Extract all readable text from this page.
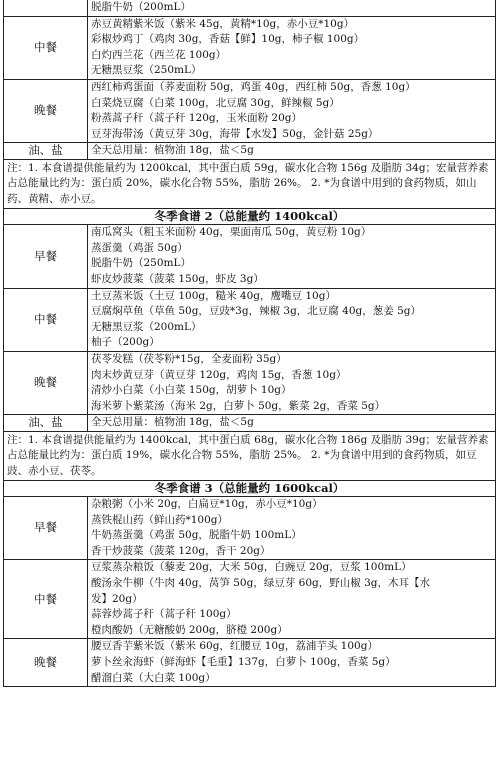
	脱脂牛奶（200mL）

中餐	赤豆黄精紫米饭（紫米 45g，黄精*10g，赤小豆*10g）
彩椒炒鸡丁（鸡肉 30g，香菇【鲜】10g，柿子椒 100g）
白灼西兰花（西兰花 100g）
无糖黑豆浆（250mL）

晚餐	西红柿鸡蛋面（荞麦面粉 50g，鸡蛋 40g，西红柿 50g，香葱 10g）
白菜烧豆腐（白菜 100g，北豆腐 30g，鲜辣椒 5g）
粉蒸蒿子秆（蒿子秆 120g，玉米面粉 20g）
豆芽海带汤（黄豆芽 30g，海带【水发】50g，金针菇 25g）

油、盐	全天总用量：植物油 18g，盐＜5g
注：1. 本食谱提供能量约为 1200kcal，其中蛋白质 59g，碳水化合物 156g 及脂肪 34g；宏量营养素占总能量比约为：蛋白质 20%，碳水化合物 55%，脂肪 26%。 2. *为食谱中用到的食药物质，如山药、黄精、赤小豆。	
冬季食谱 2（总能量约 1400kcal）	
早餐	南瓜窝头（粗玉米面粉 40g，栗面南瓜 50g，黄豆粉 10g）
蒸蛋羹（鸡蛋 50g）
脱脂牛奶（250mL）
虾皮炒菠菜（菠菜 150g，虾皮 3g）

中餐	土豆蒸米饭（土豆 100g，糙米 40g，鹰嘴豆 10g）
豆腐焖草鱼（草鱼 50g，豆豉*3g，辣椒 3g，北豆腐 40g，葱姜 5g）
无糖黑豆浆（200mL）
柚子（200g）

晚餐	茯苓发糕（茯苓粉*15g，全麦面粉 35g）
肉末炒黄豆芽（黄豆芽 120g，鸡肉 15g，香葱 10g）
清炒小白菜（小白菜 150g，胡萝卜 10g）
海米萝卜紫菜汤（海米 2g，白萝卜 50g，紫菜 2g，香菜 5g）

油、盐	全天总用量：植物油 18g，盐＜5g
注：1. 本食谱提供能量约为 1400kcal，其中蛋白质 68g，碳水化合物 186g 及脂肪 39g；宏量营养素占总能量比约为：蛋白质 19%，碳水化合物 55%，脂肪 25%。 2. *为食谱中用到的食药物质，如豆豉、赤小豆、茯苓。	
冬季食谱 3（总能量约 1600kcal）	
早餐	杂粮粥（小米 20g，白扁豆*10g，赤小豆*10g）
蒸铁棍山药（鲜山药*100g）
牛奶蒸蛋羹（鸡蛋 50g，脱脂牛奶 100mL）
香干炒菠菜（菠菜 120g，香干 20g）

中餐	豆浆蒸杂粮饭（藜麦 20g，大米 50g，白豌豆 20g，豆浆 100mL）
酸汤汆牛柳（牛肉 40g，莴笋 50g，绿豆芽 60g，野山椒 3g，木耳【水
发】20g）
蒜蓉炒蒿子秆（蒿子秆 100g）
橙肉酸奶（无糖酸奶 200g，脐橙 200g）

晚餐	腰豆香芋紫米饭（紫米 60g，红腰豆 10g，荔浦芋头 100g）
萝卜丝汆海虾（鲜海虾【毛重】137g，白萝卜 100g，香菜 5g）
醋溜白菜（大白菜 100g）
